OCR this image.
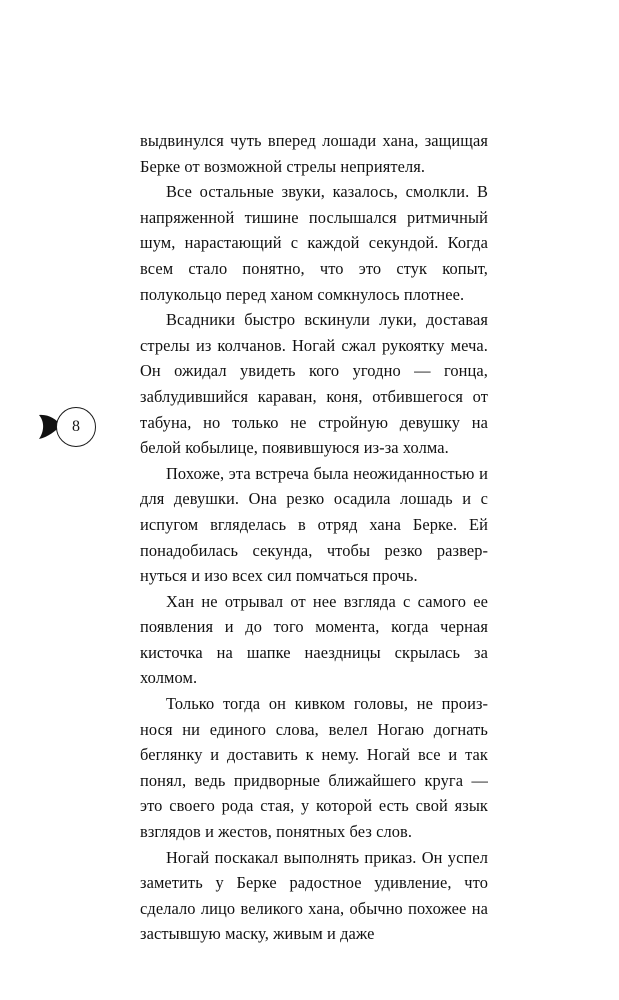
8

выдвинулся чуть вперед лошади хана, защищая Берке от возможной стрелы неприятеля.

Все остальные звуки, казалось, смолкли. В напряженной тишине послышался ритмичный шум, нарастающий с каждой секундой. Когда всем стало понятно, что это стук копыт, полукольцо перед ханом сомкнулось плотнее.

Всадники быстро вскинули луки, доставая стрелы из колчанов. Ногай сжал рукоятку меча. Он ожидал увидеть кого угодно — гонца, заблудившийся караван, коня, отбившегося от табуна, но только не стройную девушку на белой кобылице, появившуюся из-за холма.

Похоже, эта встреча была неожиданностью и для девушки. Она резко осадила лошадь и с испугом вгляделась в отряд хана Берке. Ей понадобилась секунда, чтобы резко развернуться и изо всех сил помчаться прочь.

Хан не отрывал от нее взгляда с самого ее появления и до того момента, когда черная кисточка на шапке наездницы скрылась за холмом.

Только тогда он кивком головы, не произнося ни единого слова, велел Ногаю догнать беглянку и доставить к нему. Ногай все и так понял, ведь придворные ближайшего круга — это своего рода стая, у которой есть свой язык взглядов и жестов, понятных без слов.

Ногай поскакал выполнять приказ. Он успел заметить у Берке радостное удивление, что сделало лицо великого хана, обычно похожее на застывшую маску, живым и даже
